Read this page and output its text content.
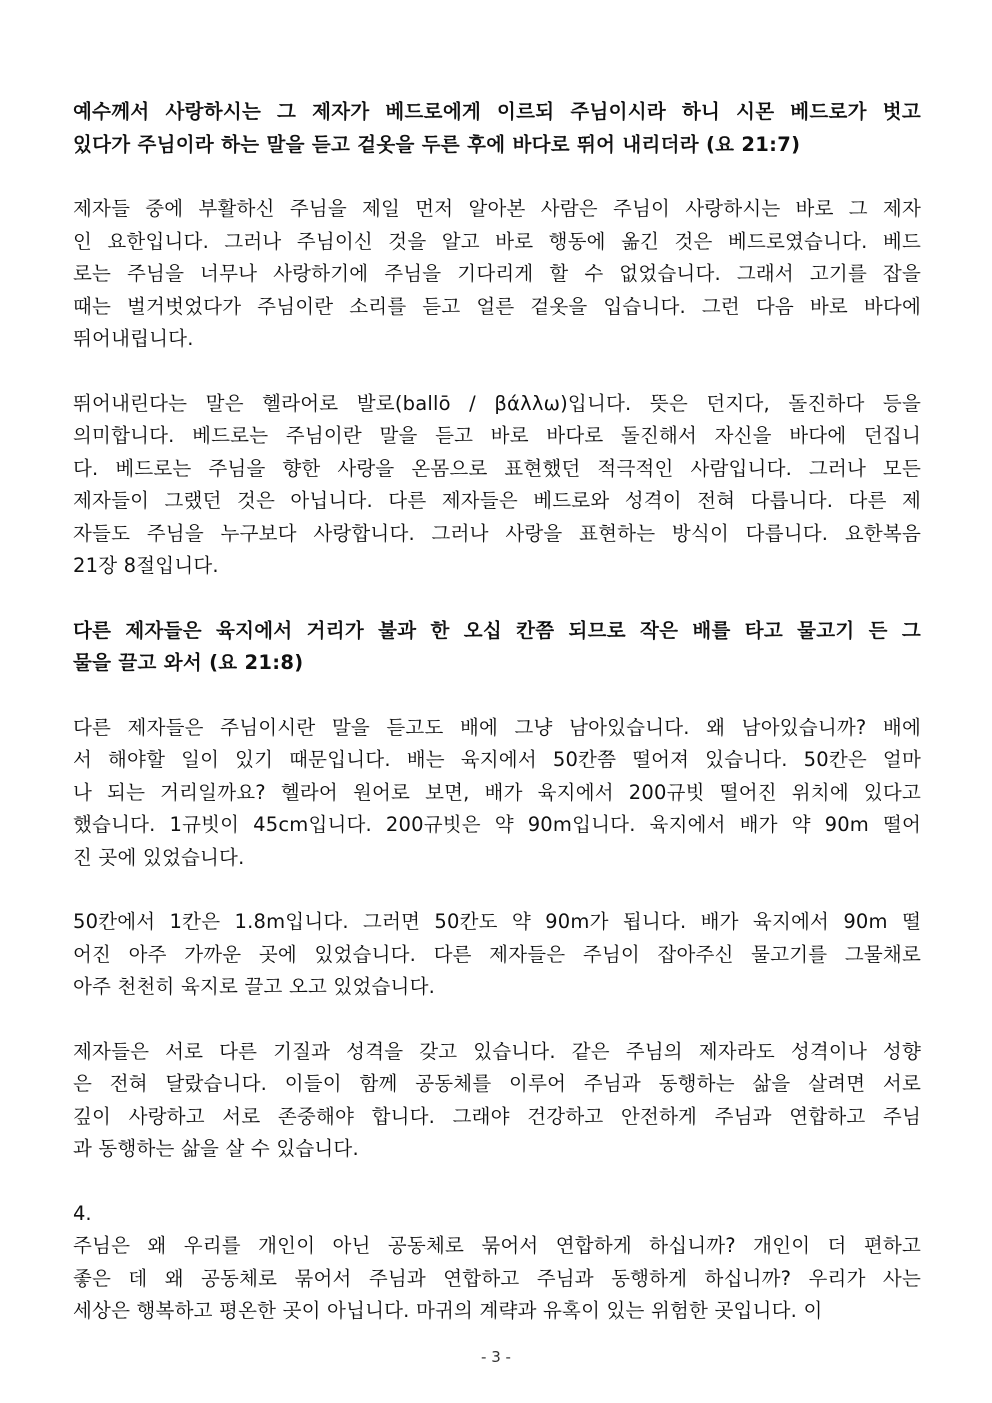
예수께서 사랑하시는 그 제자가 베드로에게 이르되 주님이시라 하니 시몬 베드로가 벗고
있다가 주님이라 하는 말을 듣고 겉옷을 두른 후에 바다로 뛰어 내리더라 (요 21:7)
제자들 중에 부활하신 주님을 제일 먼저 알아본 사람은 주님이 사랑하시는 바로 그 제자
인 요한입니다. 그러나 주님이신 것을 알고 바로 행동에 옮긴 것은 베드로였습니다. 베드
로는 주님을 너무나 사랑하기에 주님을 기다리게 할 수 없었습니다. 그래서 고기를 잡을
때는 벌거벗었다가 주님이란 소리를 듣고 얼른 겉옷을 입습니다. 그런 다음 바로 바다에
뛰어내립니다.
뛰어내린다는 말은 헬라어로 발로(ballō / βάλλω)입니다. 뜻은 던지다, 돌진하다 등을
의미합니다. 베드로는 주님이란 말을 듣고 바로 바다로 돌진해서 자신을 바다에 던집니
다. 베드로는 주님을 향한 사랑을 온몸으로 표현했던 적극적인 사람입니다. 그러나 모든
제자들이 그랬던 것은 아닙니다. 다른 제자들은 베드로와 성격이 전혀 다릅니다. 다른 제
자들도 주님을 누구보다 사랑합니다. 그러나 사랑을 표현하는 방식이 다릅니다. 요한복음
21장 8절입니다.
다른 제자들은 육지에서 거리가 불과 한 오십 칸쯤 되므로 작은 배를 타고 물고기 든 그
물을 끌고 와서 (요 21:8)
다른 제자들은 주님이시란 말을 듣고도 배에 그냥 남아있습니다. 왜 남아있습니까? 배에
서 해야할 일이 있기 때문입니다. 배는 육지에서 50칸쯤 떨어져 있습니다. 50칸은 얼마
나 되는 거리일까요? 헬라어 원어로 보면, 배가 육지에서 200규빗 떨어진 위치에 있다고
했습니다. 1규빗이 45cm입니다. 200규빗은 약 90m입니다. 육지에서 배가 약 90m 떨어
진 곳에 있었습니다.
50칸에서 1칸은 1.8m입니다. 그러면 50칸도 약 90m가 됩니다. 배가 육지에서 90m 떨
어진 아주 가까운 곳에 있었습니다. 다른 제자들은 주님이 잡아주신 물고기를 그물채로
아주 천천히 육지로 끌고 오고 있었습니다.
제자들은 서로 다른 기질과 성격을 갖고 있습니다. 같은 주님의 제자라도 성격이나 성향
은 전혀 달랐습니다. 이들이 함께 공동체를 이루어 주님과 동행하는 삶을 살려면 서로
깊이 사랑하고 서로 존중해야 합니다. 그래야 건강하고 안전하게 주님과 연합하고 주님
과 동행하는 삶을 살 수 있습니다.

4.

주님은 왜 우리를 개인이 아닌 공동체로 묶어서 연합하게 하십니까? 개인이 더 편하고
좋은 데 왜 공동체로 묶어서 주님과 연합하고 주님과 동행하게 하십니까? 우리가 사는
세상은 행복하고 평온한 곳이 아닙니다. 마귀의 계략과 유혹이 있는 위험한 곳입니다. 이
- 3 -
